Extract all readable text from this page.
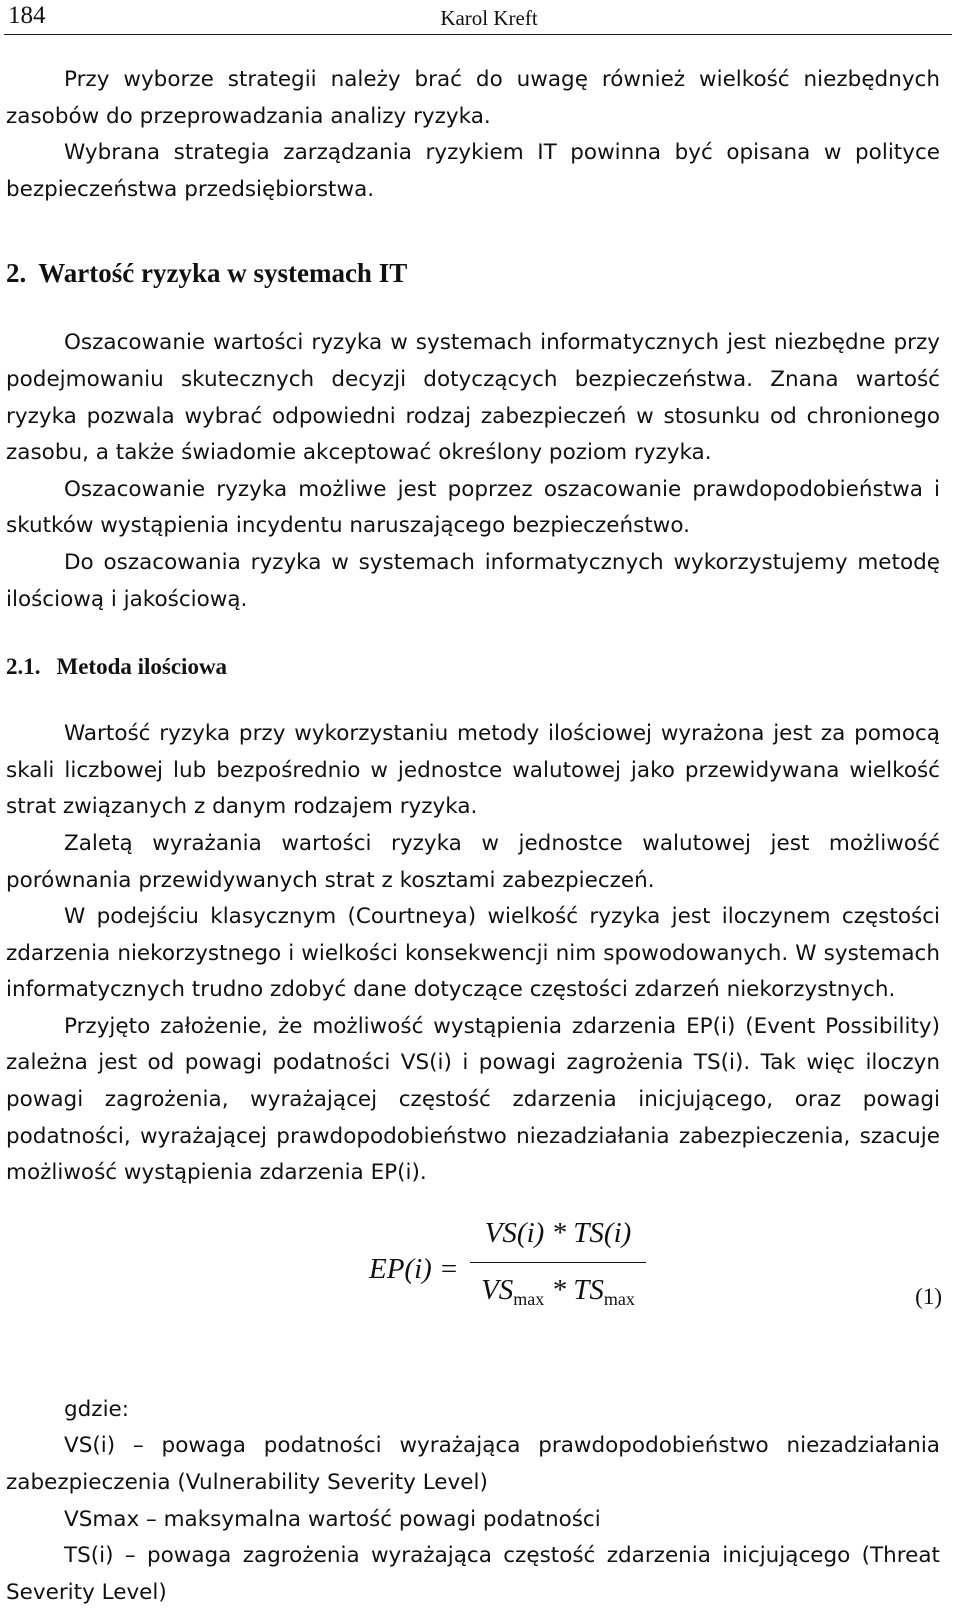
184	Karol Kreft

Przy wyborze strategii należy brać do uwagę również wielkość niezbędnych zasobów do przeprowadzania analizy ryzyka.

Wybrana strategia zarządzania ryzykiem IT powinna być opisana w polityce bezpieczeństwa przedsiębiorstwa.

2. Wartość ryzyka w systemach IT

Oszacowanie wartości ryzyka w systemach informatycznych jest niezbędne przy podejmowaniu skutecznych decyzji dotyczących bezpieczeństwa. Znana wartość ryzyka pozwala wybrać odpowiedni rodzaj zabezpieczeń w stosunku od chronionego zasobu, a także świadomie akceptować określony poziom ryzyka.

Oszacowanie ryzyka możliwe jest poprzez oszacowanie prawdopodobieństwa i skutków wystąpienia incydentu naruszającego bezpieczeństwo.

Do oszacowania ryzyka w systemach informatycznych wykorzystujemy metodę ilościową i jakościową.

2.1. Metoda ilościowa

Wartość ryzyka przy wykorzystaniu metody ilościowej wyrażona jest za pomocą skali liczbowej lub bezpośrednio w jednostce walutowej jako przewidywana wielkość strat związanych z danym rodzajem ryzyka.

Zaletą wyrażania wartości ryzyka w jednostce walutowej jest możliwość porównania przewidywanych strat z kosztami zabezpieczeń.

W podejściu klasycznym (Courtneya) wielkość ryzyka jest iloczynem częstości zdarzenia niekorzystnego i wielkości konsekwencji nim spowodowanych. W systemach informatycznych trudno zdobyć dane dotyczące częstości zdarzeń niekorzystnych.

Przyjęto założenie, że możliwość wystąpienia zdarzenia EP(i) (Event Possibility) zależna jest od powagi podatności VS(i) i powagi zagrożenia TS(i). Tak więc iloczyn powagi zagrożenia, wyrażającej częstość zdarzenia inicjującego, oraz powagi podatności, wyrażającej prawdopodobieństwo niezadziałania zabezpieczenia, szacuje możliwość wystąpienia zdarzenia EP(i).

EP(i) =
VS(i) * TS(i)
$VS_{max} * TS_{max}$	(1)

gdzie:

VS(i) – powaga podatności wyrażająca prawdopodobieństwo niezadziałania zabezpieczenia (Vulnerability Severity Level)

VSmax – maksymalna wartość powagi podatności

TS(i) – powaga zagrożenia wyrażająca częstość zdarzenia inicjującego (Threat Severity Level)
